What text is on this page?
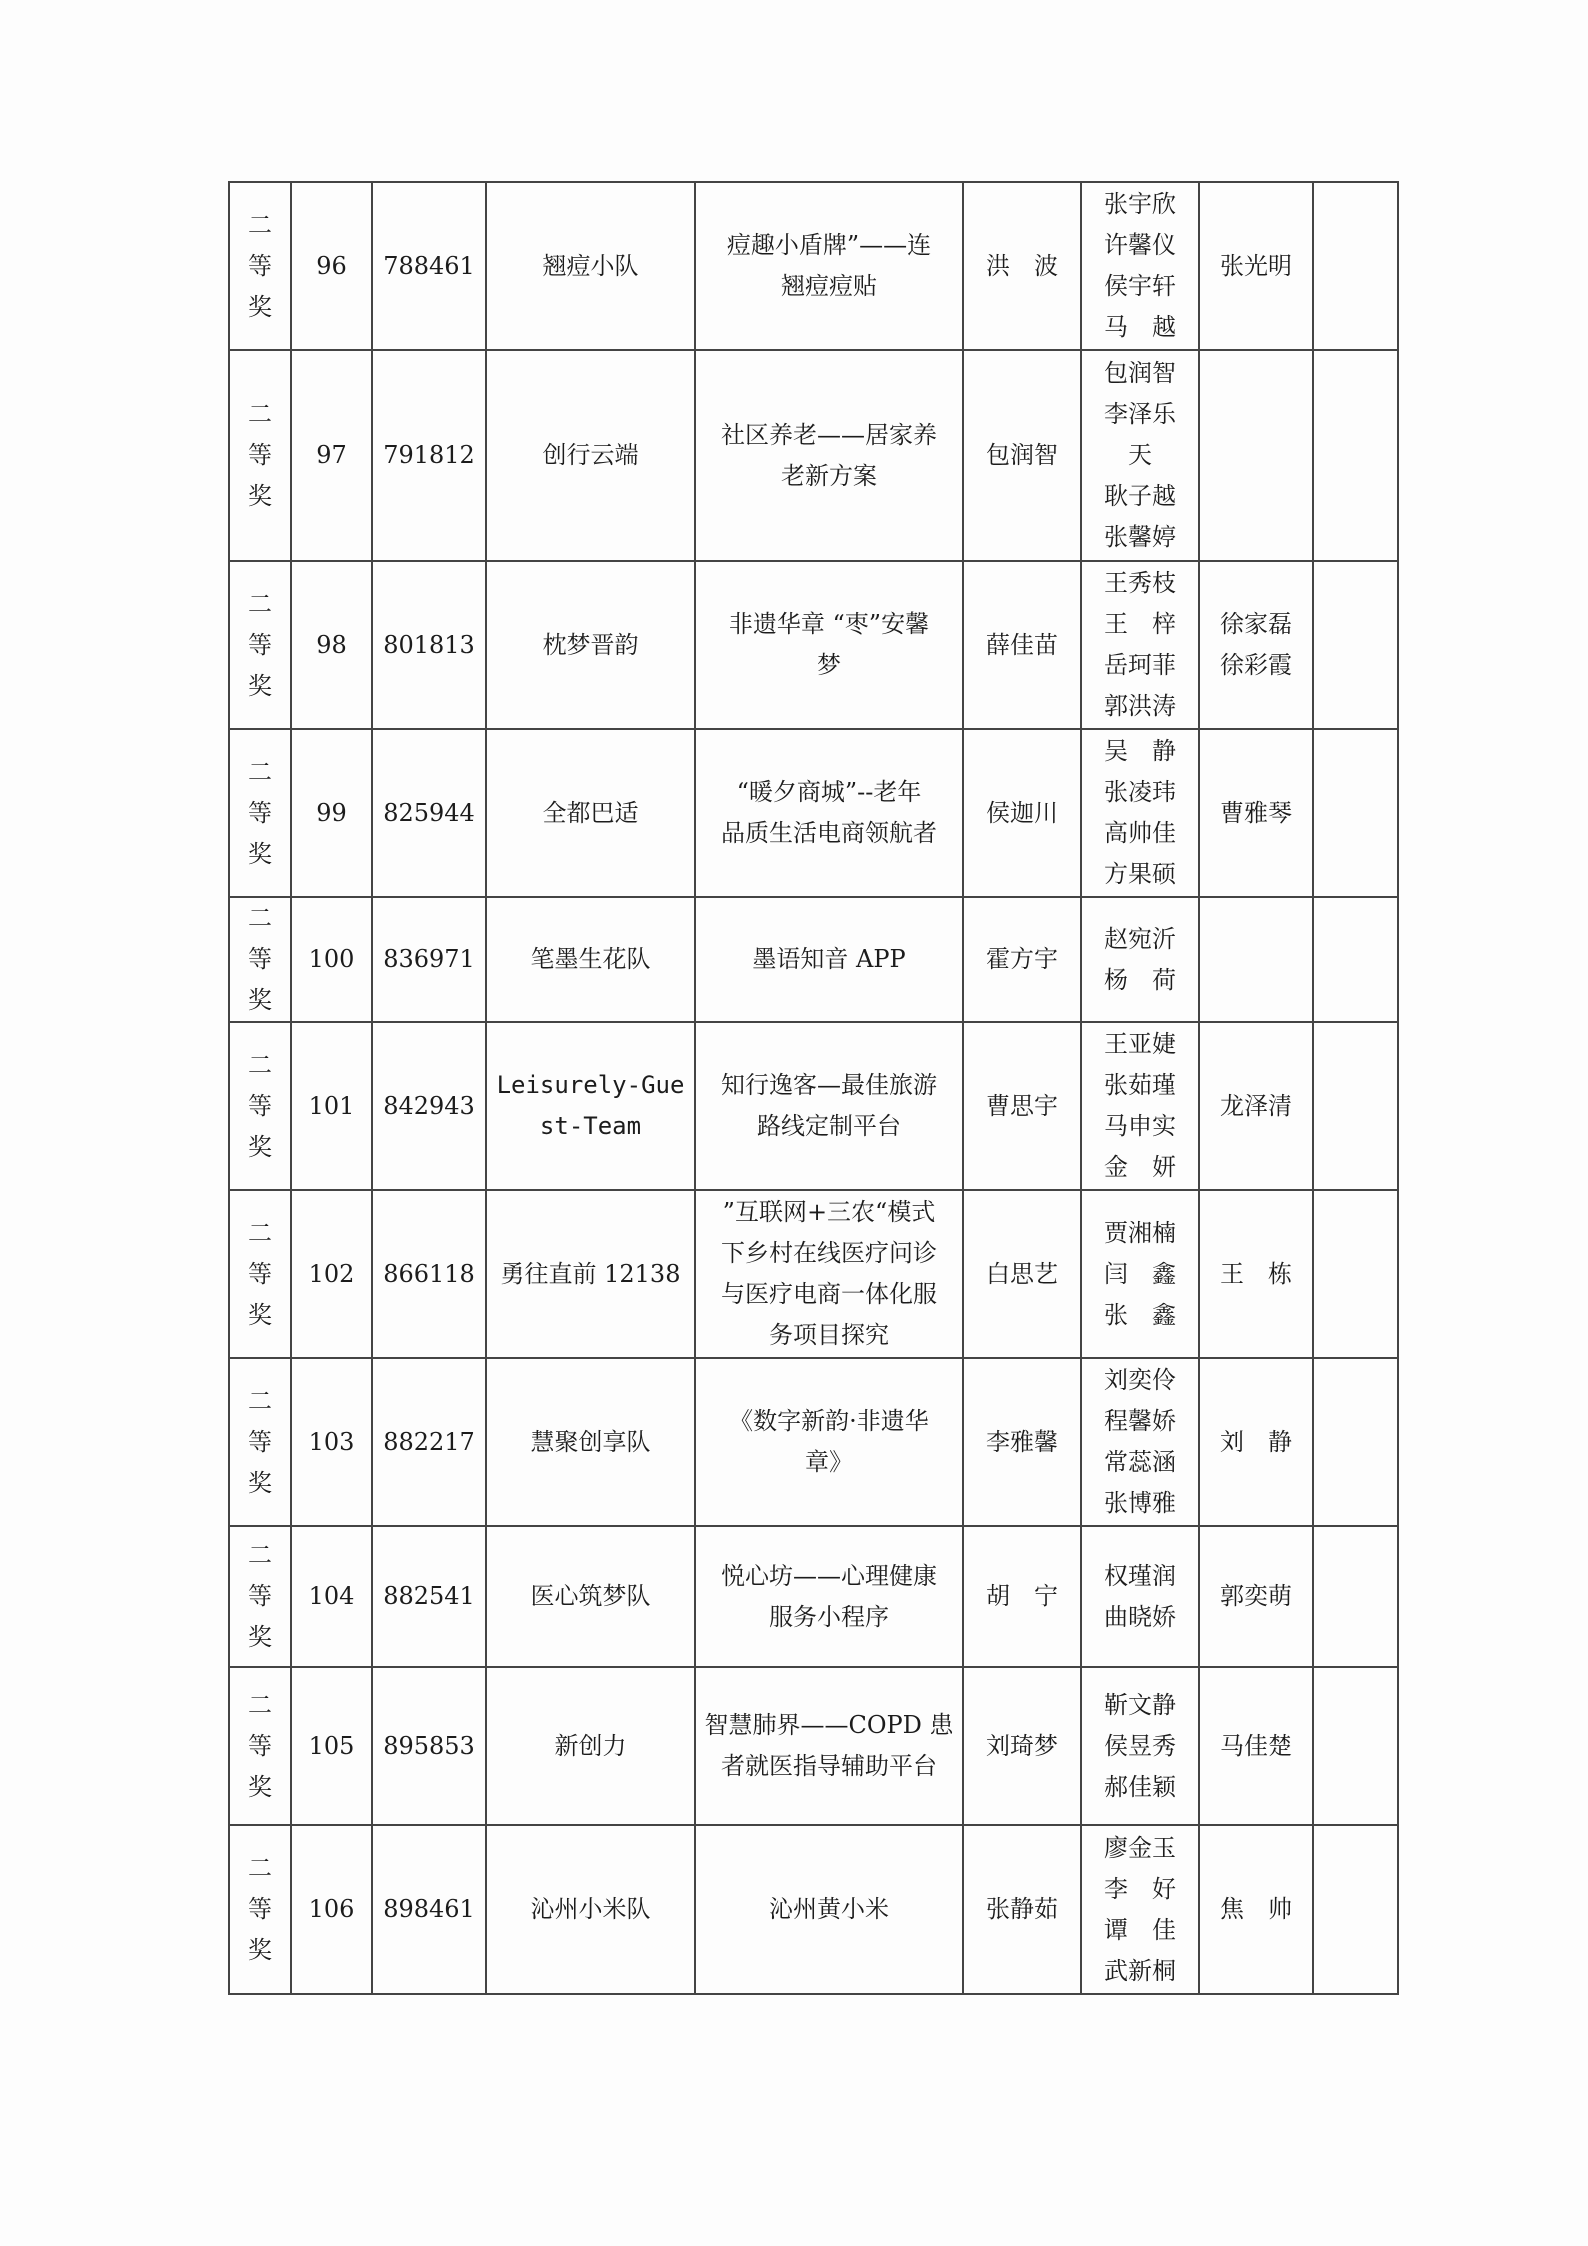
二
等
奖	96	788461	翘痘小队	痘趣小盾牌”——连
翘痘痘贴	洪　波	张宇欣
许馨仪
侯宇轩
马　越	张光明	

二
等
奖	97	791812	创行云端	社区养老——居家养
老新方案	包润智	包润智
李泽乐
天
耿子越
张馨婷		

二
等
奖	98	801813	枕梦晋韵	非遗华章 “枣”安馨
梦	薛佳苗	王秀枝
王　梓
岳珂菲
郭洪涛	徐家磊
徐彩霞	

二
等
奖	99	825944	全都巴适	“暖夕商城”--老年
品质生活电商领航者	侯迦川	吴　静
张凌玮
高帅佳
方果硕	曹雅琴	

二
等
奖	100	836971	笔墨生花队	墨语知音 APP	霍方宇	赵宛沂
杨　荷		

二
等
奖	101	842943	Leisurely-Guest-Team	知行逸客—最佳旅游
路线定制平台	曹思宇	王亚婕
张茹瑾
马申实
金　妍	龙泽清	

二
等
奖	102	866118	勇往直前 12138	”互联网+三农“模式
下乡村在线医疗问诊
与医疗电商一体化服
务项目探究	白思艺	贾湘楠
闫　鑫
张　鑫	王　栋	

二
等
奖	103	882217	慧聚创享队	《数字新韵·非遗华
章》	李雅馨	刘奕伶
程馨娇
常蕊涵
张博雅	刘　静	

二
等
奖	104	882541	医心筑梦队	悦心坊——心理健康
服务小程序	胡　宁	权瑾润
曲晓娇	郭奕萌	

二
等
奖	105	895853	新创力	智慧肺界——COPD 患
者就医指导辅助平台	刘琦梦	靳文静
侯昱秀
郝佳颖	马佳楚	

二
等
奖	106	898461	沁州小米队	沁州黄小米	张静茹	廖金玉
李　好
谭　佳
武新桐	焦　帅	
